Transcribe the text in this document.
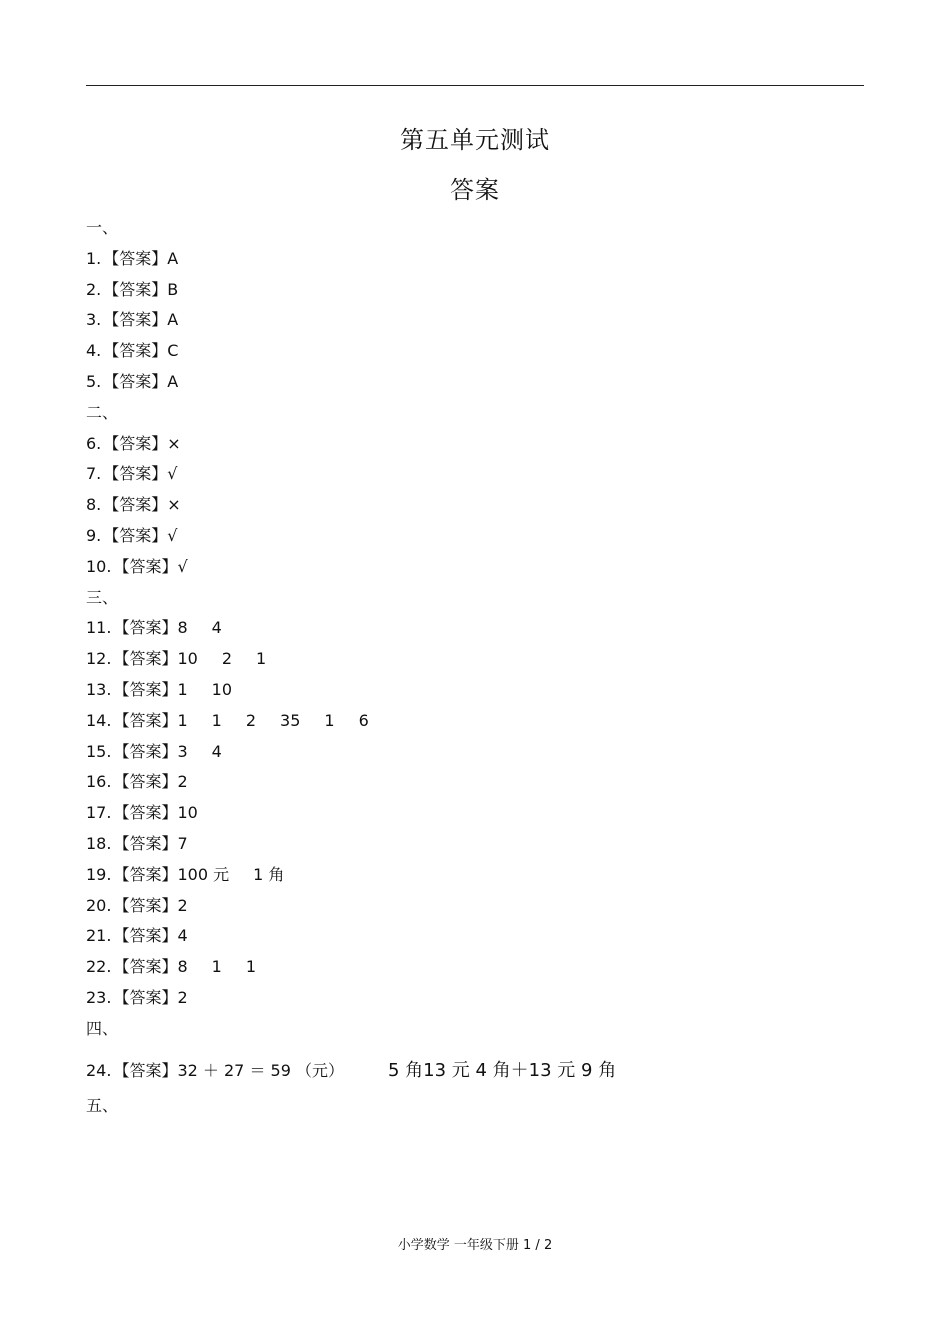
第五单元测试
答案
一、
1. 【答案】A
2. 【答案】B
3. 【答案】A
4. 【答案】C
5. 【答案】A
二、
6. 【答案】×
7. 【答案】√
8. 【答案】×
9. 【答案】√
10. 【答案】√
三、
11. 【答案】8 4
12. 【答案】10 2 1
13. 【答案】1 10
14. 【答案】1 1 2 35 1 6
15. 【答案】3 4
16. 【答案】2
17. 【答案】10
18. 【答案】7
19. 【答案】100 元 1 角
20. 【答案】2
21. 【答案】4
22. 【答案】8 1 1
23. 【答案】2
四、
24. 【答案】32 ＋ 27 ＝ 59 （元） 5 角13 元 4 角＋13 元 9 角
五、
小学数学 一年级下册 1 / 2
